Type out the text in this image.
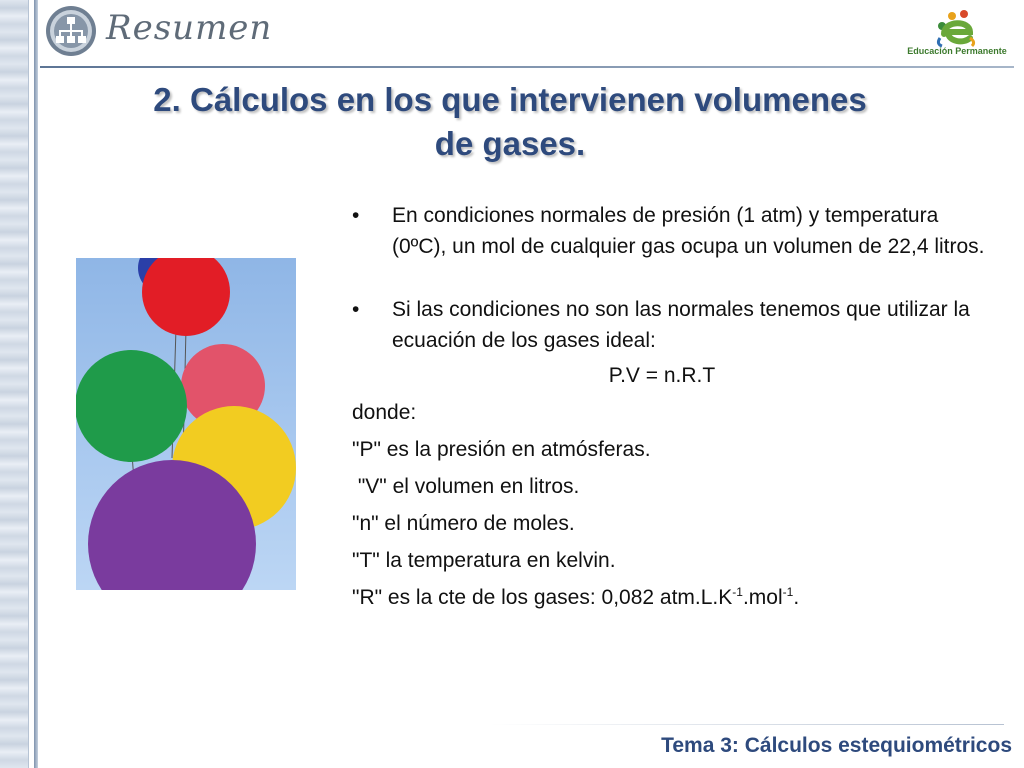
Resumen
Educación Permanente
2. Cálculos en los que intervienen volumenes
de gases.
• En condiciones normales de presión (1 atm) y temperatura (0ºC), un mol de cualquier gas ocupa un volumen de 22,4 litros.
• Si las condiciones no son las normales tenemos que utilizar la ecuación de los gases ideal:
P.V = n.R.T
donde:
"P" es la presión en atmósferas.
"V" el volumen en litros.
"n" el número de moles.
"T" la temperatura en kelvin.
"R" es la cte de los gases: 0,082 $atm.L.K^{-1}.mol^{-1}$.
Tema 3: Cálculos estequiométricos
